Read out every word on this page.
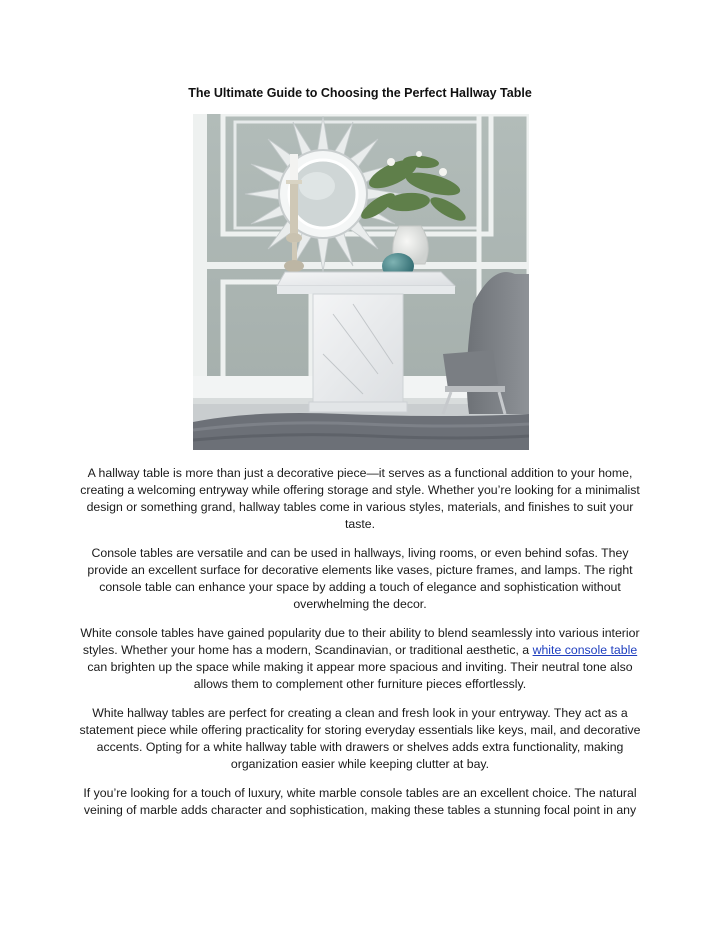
The Ultimate Guide to Choosing the Perfect Hallway Table

A hallway table is more than just a decorative piece—it serves as a functional addition to your home, creating a welcoming entryway while offering storage and style. Whether you’re looking for a minimalist design or something grand, hallway tables come in various styles, materials, and finishes to suit your taste.

Console tables are versatile and can be used in hallways, living rooms, or even behind sofas. They provide an excellent surface for decorative elements like vases, picture frames, and lamps. The right console table can enhance your space by adding a touch of elegance and sophistication without overwhelming the decor.

White console tables have gained popularity due to their ability to blend seamlessly into various interior styles. Whether your home has a modern, Scandinavian, or traditional aesthetic, a white console table can brighten up the space while making it appear more spacious and inviting. Their neutral tone also allows them to complement other furniture pieces effortlessly.

White hallway tables are perfect for creating a clean and fresh look in your entryway. They act as a statement piece while offering practicality for storing everyday essentials like keys, mail, and decorative accents. Opting for a white hallway table with drawers or shelves adds extra functionality, making organization easier while keeping clutter at bay.

If you’re looking for a touch of luxury, white marble console tables are an excellent choice. The natural veining of marble adds character and sophistication, making these tables a stunning focal point in any
